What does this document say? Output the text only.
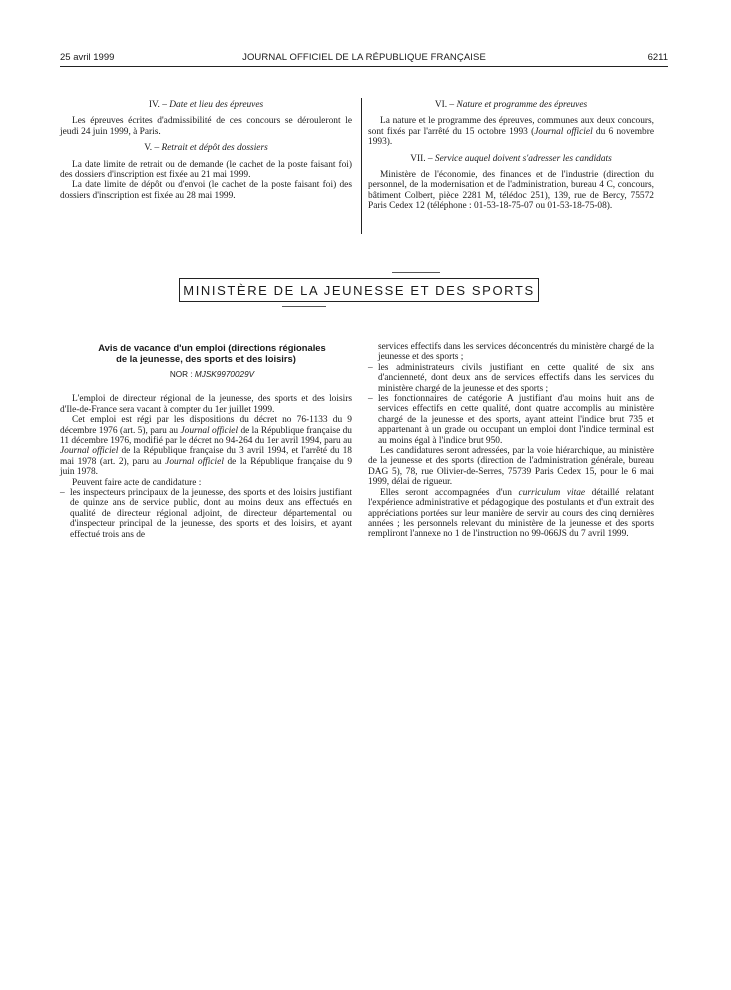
25 avril 1999	JOURNAL OFFICIEL DE LA RÉPUBLIQUE FRANÇAISE	6211

IV. – Date et lieu des épreuves

Les épreuves écrites d'admissibilité de ces concours se dérouleront le jeudi 24 juin 1999, à Paris.

V. – Retrait et dépôt des dossiers

La date limite de retrait ou de demande (le cachet de la poste faisant foi) des dossiers d'inscription est fixée au 21 mai 1999.

La date limite de dépôt ou d'envoi (le cachet de la poste faisant foi) des dossiers d'inscription est fixée au 28 mai 1999.

VI. – Nature et programme des épreuves

La nature et le programme des épreuves, communes aux deux concours, sont fixés par l'arrêté du 15 octobre 1993 (Journal officiel du 6 novembre 1993).

VII. – Service auquel doivent s'adresser les candidats

Ministère de l'économie, des finances et de l'industrie (direction du personnel, de la modernisation et de l'administration, bureau 4 C, concours, bâtiment Colbert, pièce 2281 M, télédoc 251), 139, rue de Bercy, 75572 Paris Cedex 12 (téléphone : 01-53-18-75-07 ou 01-53-18-75-08).

MINISTÈRE DE LA JEUNESSE ET DES SPORTS

Avis de vacance d'un emploi (directions régionales
de la jeunesse, des sports et des loisirs)

NOR : MJSK9970029V

L'emploi de directeur régional de la jeunesse, des sports et des loisirs d'Ile-de-France sera vacant à compter du 1er juillet 1999.

Cet emploi est régi par les dispositions du décret no 76-1133 du 9 décembre 1976 (art. 5), paru au Journal officiel de la République française du 11 décembre 1976, modifié par le décret no 94-264 du 1er avril 1994, paru au Journal officiel de la République française du 3 avril 1994, et l'arrêté du 18 mai 1978 (art. 2), paru au Journal officiel de la République française du 9 juin 1978.

Peuvent faire acte de candidature :

– les inspecteurs principaux de la jeunesse, des sports et des loisirs justifiant de quinze ans de service public, dont au moins deux ans effectués en qualité de directeur régional adjoint, de directeur départemental ou d'inspecteur principal de la jeunesse, des sports et des loisirs, et ayant effectué trois ans de

services effectifs dans les services déconcentrés du ministère chargé de la jeunesse et des sports ;

– les administrateurs civils justifiant en cette qualité de six ans d'ancienneté, dont deux ans de services effectifs dans les services du ministère chargé de la jeunesse et des sports ;

– les fonctionnaires de catégorie A justifiant d'au moins huit ans de services effectifs en cette qualité, dont quatre accomplis au ministère chargé de la jeunesse et des sports, ayant atteint l'indice brut 735 et appartenant à un grade ou occupant un emploi dont l'indice terminal est au moins égal à l'indice brut 950.

Les candidatures seront adressées, par la voie hiérarchique, au ministère de la jeunesse et des sports (direction de l'administration générale, bureau DAG 5), 78, rue Olivier-de-Serres, 75739 Paris Cedex 15, pour le 6 mai 1999, délai de rigueur.

Elles seront accompagnées d'un curriculum vitae détaillé relatant l'expérience administrative et pédagogique des postulants et d'un extrait des appréciations portées sur leur manière de servir au cours des cinq dernières années ; les personnels relevant du ministère de la jeunesse et des sports rempliront l'annexe no 1 de l'instruction no 99-066JS du 7 avril 1999.
